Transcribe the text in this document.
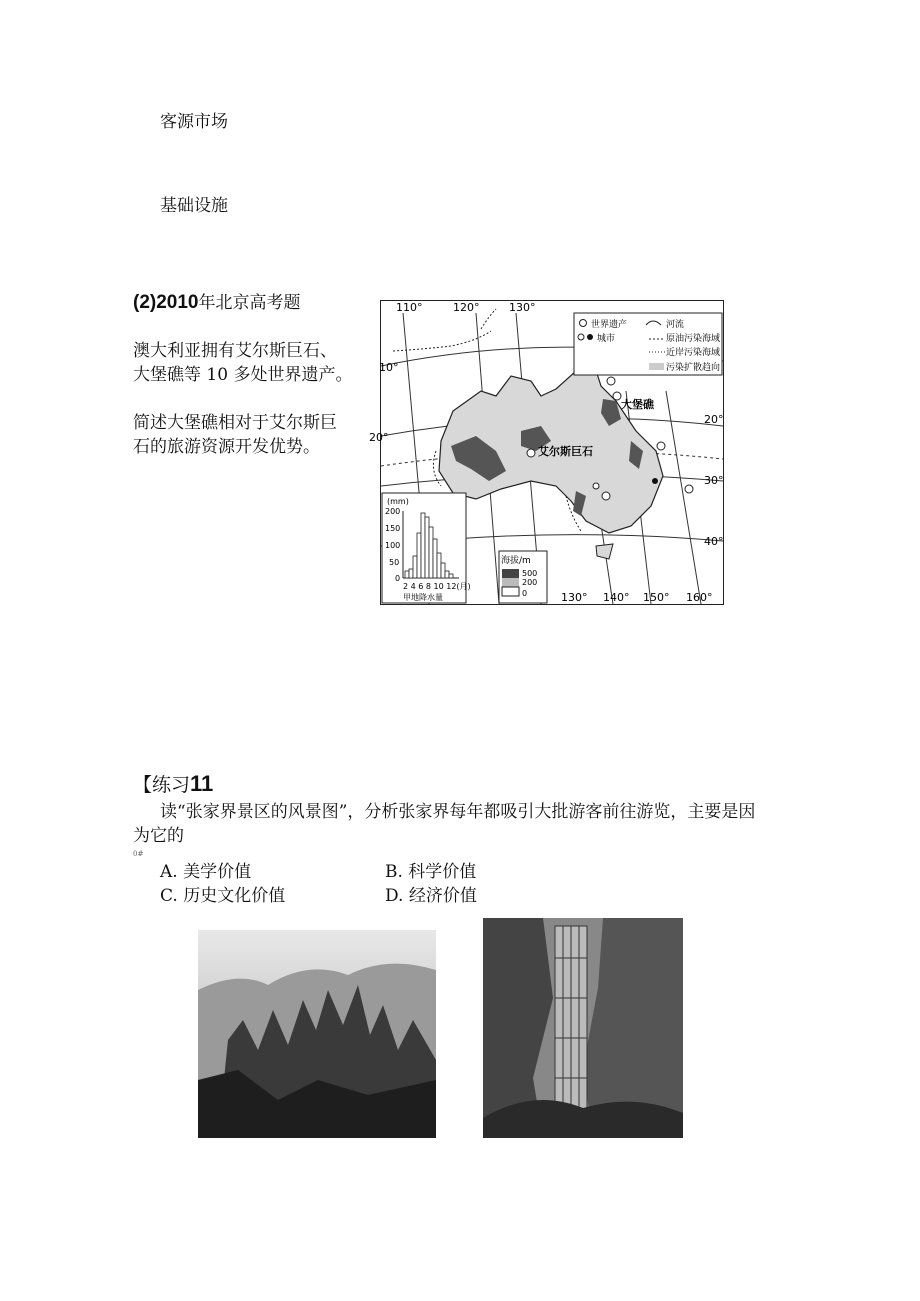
客源市场
基础设施
(2)2010年北京高考题
澳大利亚拥有艾尔斯巨石、
大堡礁等 10 多处世界遗产。
简述大堡礁相对于艾尔斯巨
石的旅游资源开发优势。
110°	120°	130°
130° 140° 150° 160°
10°
20°
20°
30°
40°
大堡礁
艾尔斯巨石
世界遗产
城市
河流
原油污染海域
近岸污染海域
污染扩散趋向
(mm)
200
150
100
50
0
2 4 6 8 10 12(月)
甲地降水量
海拔/m
500
200
0
【练习11
读“张家界景区的风景图”，分析张家界每年都吸引大批游客前往游览，主要是因
为它的
0#
A. 美学价值	B. 科学价值
C. 历史文化价值	D. 经济价值
